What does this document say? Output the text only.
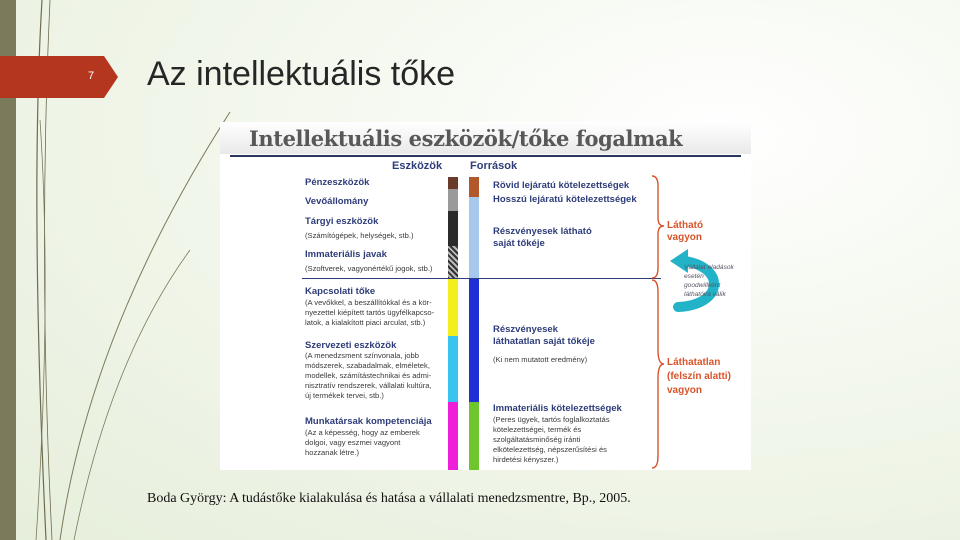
7 Az intellektuális tőke
Intellektuális eszközök/tőke fogalmak
Eszközök	Források
Pénzeszközök
Vevőállomány
Tárgyi eszközök
(Számítógépek, helységek, stb.)
Immateriális javak
(Szoftverek, vagyonértékű jogok, stb.)
Kapcsolati tőke
(A vevőkkel, a beszállítókkal és a kör-
nyezettel kiépített tartós ügyfélkapcso-
latok, a kialakított piaci arculat, stb.)
Szervezeti eszközök
(A menedzsment színvonala, jobb
módszerek, szabadalmak, elméletek,
modellek, számítástechnikai és admi-
nisztratív rendszerek, vállalati kultúra,
új termékek tervei, stb.)
Munkatársak kompetenciája
(Az a képesség, hogy az emberek
dolgoi, vagy eszmei vagyont
hozzanak létre.)
Rövid lejáratú kötelezettségek
Hosszú lejáratú kötelezettségek
Részvényesek látható
saját tőkéje
Részvényesek
láthatatlan saját tőkéje
(Ki nem mutatott eredmény)
Immateriális kötelezettségek
(Peres ügyek, tartós foglalkoztatás
kötelezettségei, termék és
szolgáltatásminőség iránti
elkötelezettség, népszerűsítési és
hirdetési kényszer.)
Látható
vagyon
Láthatatlan
(felszín alatti)
vagyon
Vállalat eladások
esetén
goodwillként
láthatóvá válik
Boda György: A tudástőke kialakulása és hatása a vállalati menedzsmentre, Bp., 2005.
